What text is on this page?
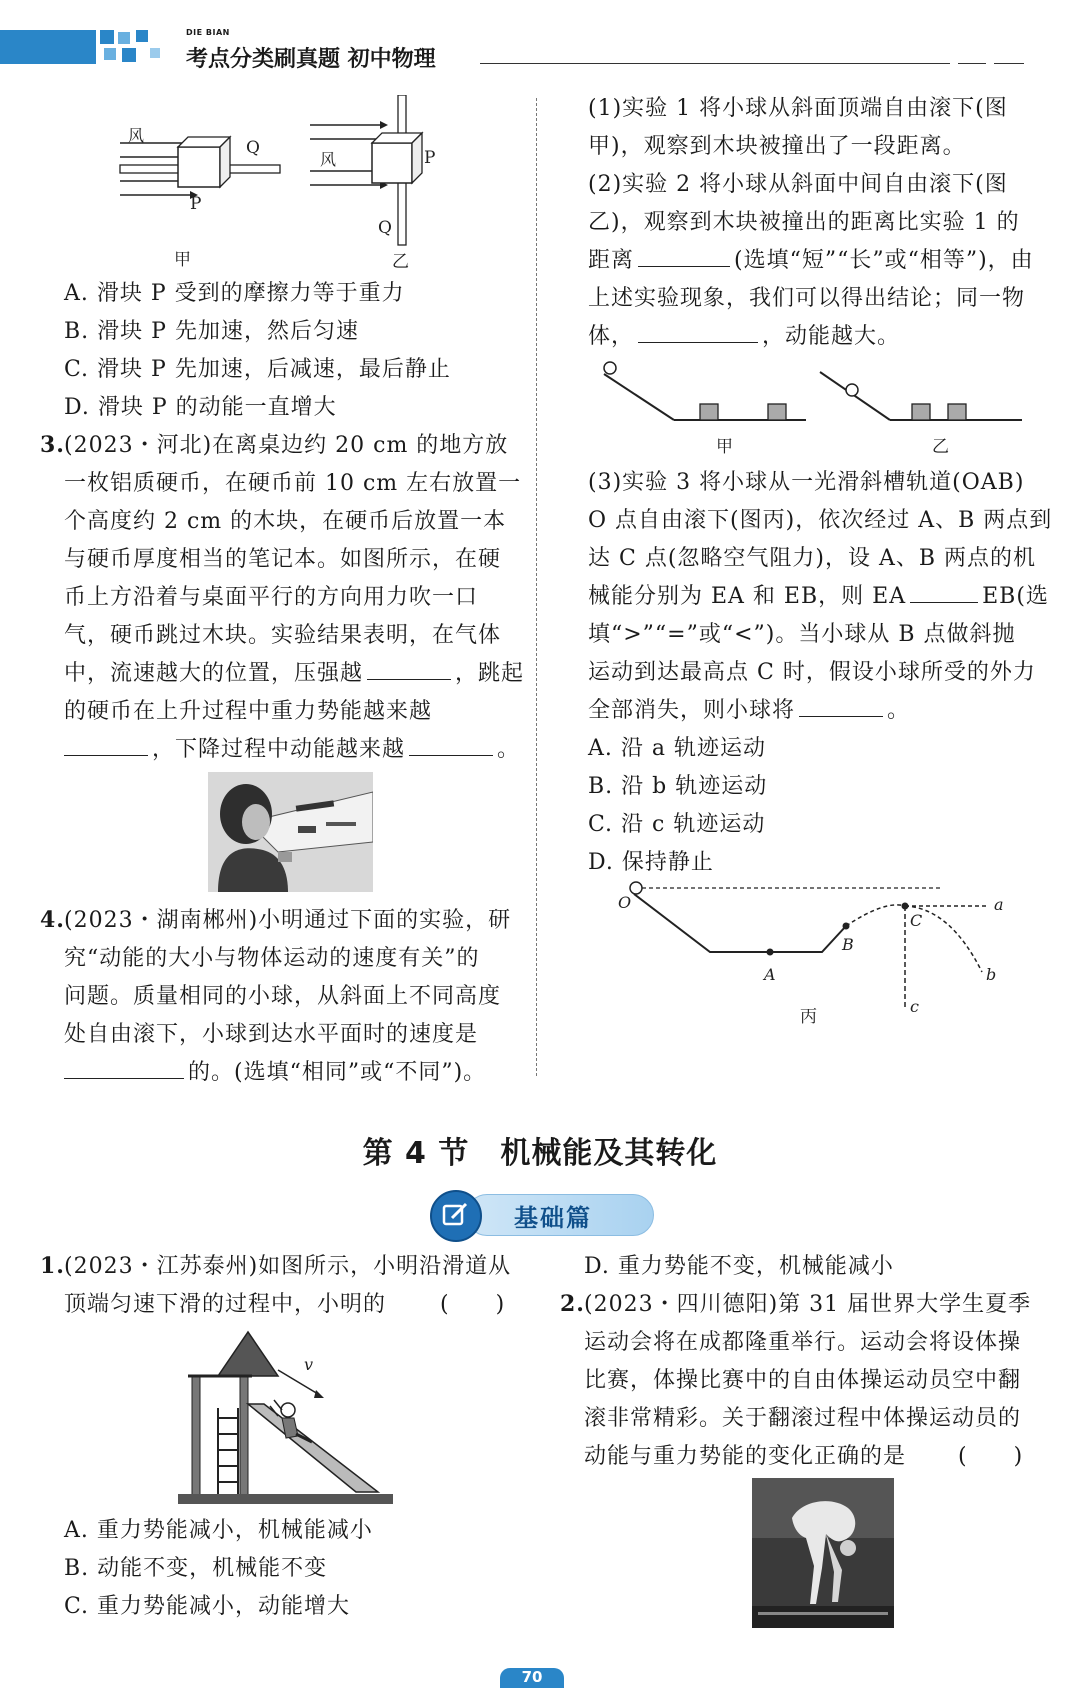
DIE BIAN
考点分类刷真题 初中物理
风
Q
P
甲
风	P
Q
乙
A. 滑块 P 受到的摩擦力等于重力
B. 滑块 P 先加速，然后匀速
C. 滑块 P 先加速，后减速，最后静止
D. 滑块 P 的动能一直增大
3. (2023・河北)在离桌边约 20 cm 的地方放
一枚铝质硬币，在硬币前 10 cm 左右放置一
个高度约 2 cm 的木块，在硬币后放置一本
与硬币厚度相当的笔记本。如图所示，在硬
币上方沿着与桌面平行的方向用力吹一口
气，硬币跳过木块。实验结果表明，在气体
中，流速越大的位置，压强越	，跳起
的硬币在上升过程中重力势能越来越
，下降过程中动能越来越	。
4. (2023・湖南郴州)小明通过下面的实验，研
究“动能的大小与物体运动的速度有关”的
问题。质量相同的小球，从斜面上不同高度
处自由滚下，小球到达水平面时的速度是
的。(选填“相同”或“不同”)。
(1)实验 1 将小球从斜面顶端自由滚下(图
甲)，观察到木块被撞出了一段距离。
(2)实验 2 将小球从斜面中间自由滚下(图
乙)，观察到木块被撞出的距离比实验 1 的
距离	(选填“短”“长”或“相等”)，由
上述实验现象，我们可以得出结论；同一物
体，	，动能越大。
甲	乙
(3)实验 3 将小球从一光滑斜槽轨道(OAB)
O 点自由滚下(图丙)，依次经过 A、B 两点到
达 C 点(忽略空气阻力)，设 A、B 两点的机
械能分别为 EA 和 EB，则 EA	EB(选
填“>”“=”或“<”)。当小球从 B 点做斜抛
运动到达最高点 C 时，假设小球所受的外力
全部消失，则小球将	。
A. 沿 a 轨迹运动
B. 沿 b 轨迹运动
C. 沿 c 轨迹运动
D. 保持静止
O
A
B
C
a
b
c
丙
第 4 节　机械能及其转化
基础篇
1. (2023・江苏泰州)如图所示，小明沿滑道从
顶端匀速下滑的过程中，小明的 (　　)
v
A. 重力势能减小，机械能减小
B. 动能不变，机械能不变
C. 重力势能减小，动能增大
D. 重力势能不变，机械能减小
2. (2023・四川德阳)第 31 届世界大学生夏季
运动会将在成都隆重举行。运动会将设体操
比赛，体操比赛中的自由体操运动员空中翻
滚非常精彩。关于翻滚过程中体操运动员的
动能与重力势能的变化正确的是 (　　)
70
